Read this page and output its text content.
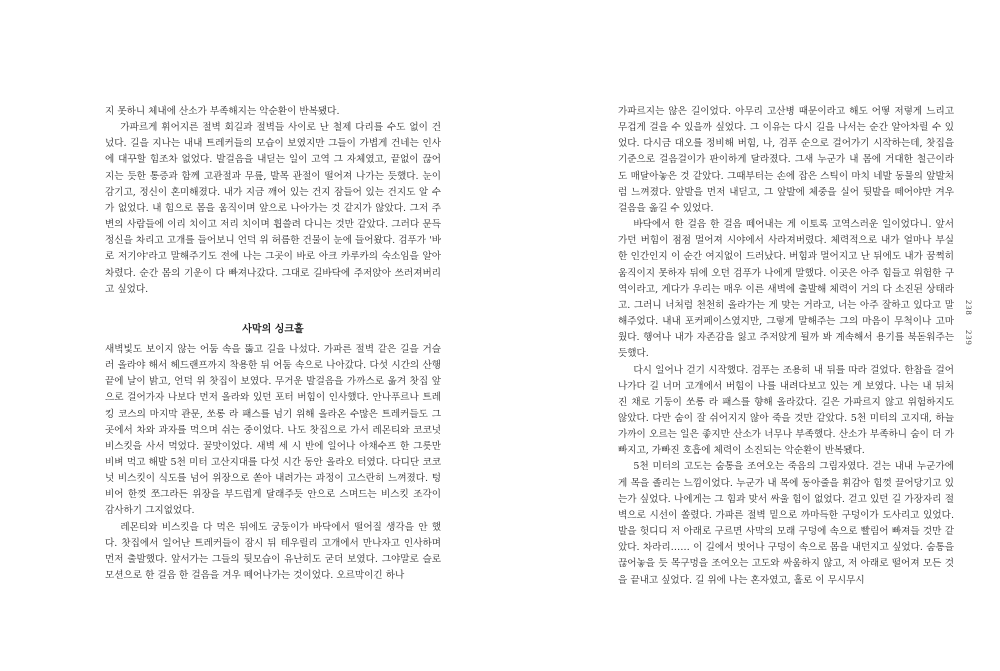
지 못하니 체내에 산소가 부족해지는 악순환이 반복됐다.

가파르게 휘어지른 절벽 회길과 절벽들 사이로 난 철제 다리를 수도 없이 건넜다. 길을 지나는 내내 트레커들의 모습이 보였지만 그들이 가볍게 건네는 인사에 대꾸할 힘조차 없었다. 발걸음을 내딛는 일이 고역 그 자체였고, 끝없이 끊어지는 듯한 통증과 함께 고관절과 무릎, 발목 관절이 떨어져 나가는 듯했다. 눈이 감기고, 정신이 혼미해졌다. 내가 지금 깨어 있는 건지 잠들어 있는 건지도 알 수가 없었다. 내 힘으로 몸을 움직이며 앞으로 나아가는 것 같지가 않았다. 그저 주변의 사람들에 이리 치이고 저리 치이며 휩쓸려 다니는 것만 같았다. 그러다 문득 정신을 차리고 고개를 들어보니 언덕 위 허름한 건물이 눈에 들어왔다. 검푸가 '바로 저기야'라고 말해주기도 전에 나는 그곳이 바로 아크 카루카의 숙소임을 알아차렸다. 순간 몸의 기운이 다 빠져나갔다. 그대로 길바닥에 주저앉아 쓰러져버리고 싶었다.

사막의 싱크홀

새벽빛도 보이지 않는 어둠 속을 뚫고 길을 나섰다. 가파른 절벽 같은 길을 거슬러 올라야 해서 헤드랜프까지 착용한 뒤 어둠 속으로 나아갔다. 다섯 시간의 산행 끝에 날이 밝고, 언덕 위 찻집이 보였다. 무거운 발걸음을 가까스로 옮겨 찻집 앞으로 걸어가자 나보다 먼저 올라와 있던 포터 버힘이 인사했다. 안나푸르나 트레킹 코스의 마지막 관문, 쏘롱 라 패스를 넘기 위해 올라온 수많은 트레커들도 그곳에서 차와 과자를 먹으며 쉬는 중이었다. 나도 찻집으로 가서 레몬티와 코코넛 비스킷을 사서 먹었다. 꿀맛이었다. 새벽 세 시 반에 일어나 아채수프 한 그릇만 비벼 먹고 해발 5천 미터 고산지대를 다섯 시간 동안 올라오 터였다. 다디단 코코넛 비스킷이 식도를 넘어 위장으로 쏟아 내려가는 과정이 고스란히 느껴졌다. 텅 비어 한껏 쪼그라든 위장을 부드럽게 달래주듯 안으로 스며드는 비스킷 조각이 감사하기 그지없었다.

레몬티와 비스킷을 다 먹은 뒤에도 궁둥이가 바닥에서 떨어질 생각을 안 했다. 찻집에서 일어난 트레커들이 잠시 뒤 테우릴리 고개에서 만나자고 인사하며 먼저 출발했다. 앞서가는 그들의 뒷모습이 유난히도 굳더 보였다. 그야말로 슬로모션으로 한 걸음 한 걸음을 겨우 떼어나가는 것이었다. 오르막이긴 하나

가파르지는 않은 길이었다. 아무리 고산병 때문이라고 해도 어떻 저렇게 느리고 무겁게 걸을 수 있을까 싶었다. 그 이유는 다시 길을 나서는 순간 알아차릴 수 있었다. 다시금 대오를 정비해 버힘, 나, 검푸 순으로 걸어가기 시작하는데, 찻집을 기준으로 걸음걸이가 판이하게 달라졌다. 그새 누군가 내 몸에 거대한 철근이라도 매달아놓은 것 같았다. 그때부터는 손에 잡은 스틱이 마치 네발 동물의 앞발처럼 느껴졌다. 앞발을 먼저 내딛고, 그 앞발에 체중을 실어 뒷발을 떼어야만 겨우 걸음을 옮길 수 있었다.

바닥에서 한 걸음 한 걸음 떼어내는 게 이토록 고역스러운 일이었다니. 앞서가던 버힘이 점점 멀어져 시야에서 사라져버렸다. 체력적으로 내가 얼마나 부실한 인간인지 이 순간 여지없이 드러났다. 버힘과 멀어지고 난 뒤에도 내가 꿈쩍히 움직이지 못하자 뒤에 오던 검푸가 나에게 말했다. 이곳은 아주 힘들고 위험한 구역이라고, 게다가 우리는 매우 이른 새벽에 출발해 체력이 거의 다 소진된 상태라고. 그러니 너처럼 천천히 올라가는 게 맞는 거라고, 너는 아주 잘하고 있다고 말해주었다. 내내 포커페이스였지만, 그렇게 말해주는 그의 마음이 무척이나 고마웠다. 행여나 내가 자존감을 잃고 주저앉게 될까 봐 계속해서 용기를 북돋워주는 듯했다.

다시 일어나 걷기 시작했다. 검푸는 조용히 내 뒤를 따라 걸었다. 한참을 걸어나가다 길 너머 고개에서 버힘이 나를 내려다보고 있는 게 보였다. 나는 내 뒤처진 채로 기둥이 쏘롱 라 패스를 향해 올라갔다. 길은 가파르지 않고 위험하지도 않았다. 다만 숨이 잘 쉬어지지 않아 죽을 것만 같았다. 5천 미터의 고지대, 하늘 가까이 오르는 일은 좋지만 산소가 너무나 부족했다. 산소가 부족하니 숨이 더 가빠지고, 가빠진 호흡에 체력이 소진되는 악순환이 반복됐다.

5천 미터의 고도는 숨통을 조여오는 죽음의 그림자였다. 걷는 내내 누군가에게 목을 졸리는 느낌이었다. 누군가 내 목에 동아줄을 휘감아 힘껏 끌어당기고 있는가 싶었다. 나에게는 그 힘과 맞서 싸울 힘이 없었다. 걷고 있던 길 가장자리 절벽으로 시선이 쏠렸다. 가파른 절벽 밑으로 까마득한 구덩이가 도사리고 있었다. 발을 헛디디 저 아래로 구르면 사막의 모래 구덩에 속으로 빨림어 빠져들 것만 같았다. 차라리…… 이 길에서 벗어나 구덩이 속으로 몸을 내던지고 싶었다. 숨통을 끊어놓을 듯 목구멍을 조여오는 고도와 싸움하지 않고, 저 아래로 떨어져 모든 것을 끝내고 싶었다. 길 위에 나는 혼자였고, 홀로 이 무시무시

238
239
